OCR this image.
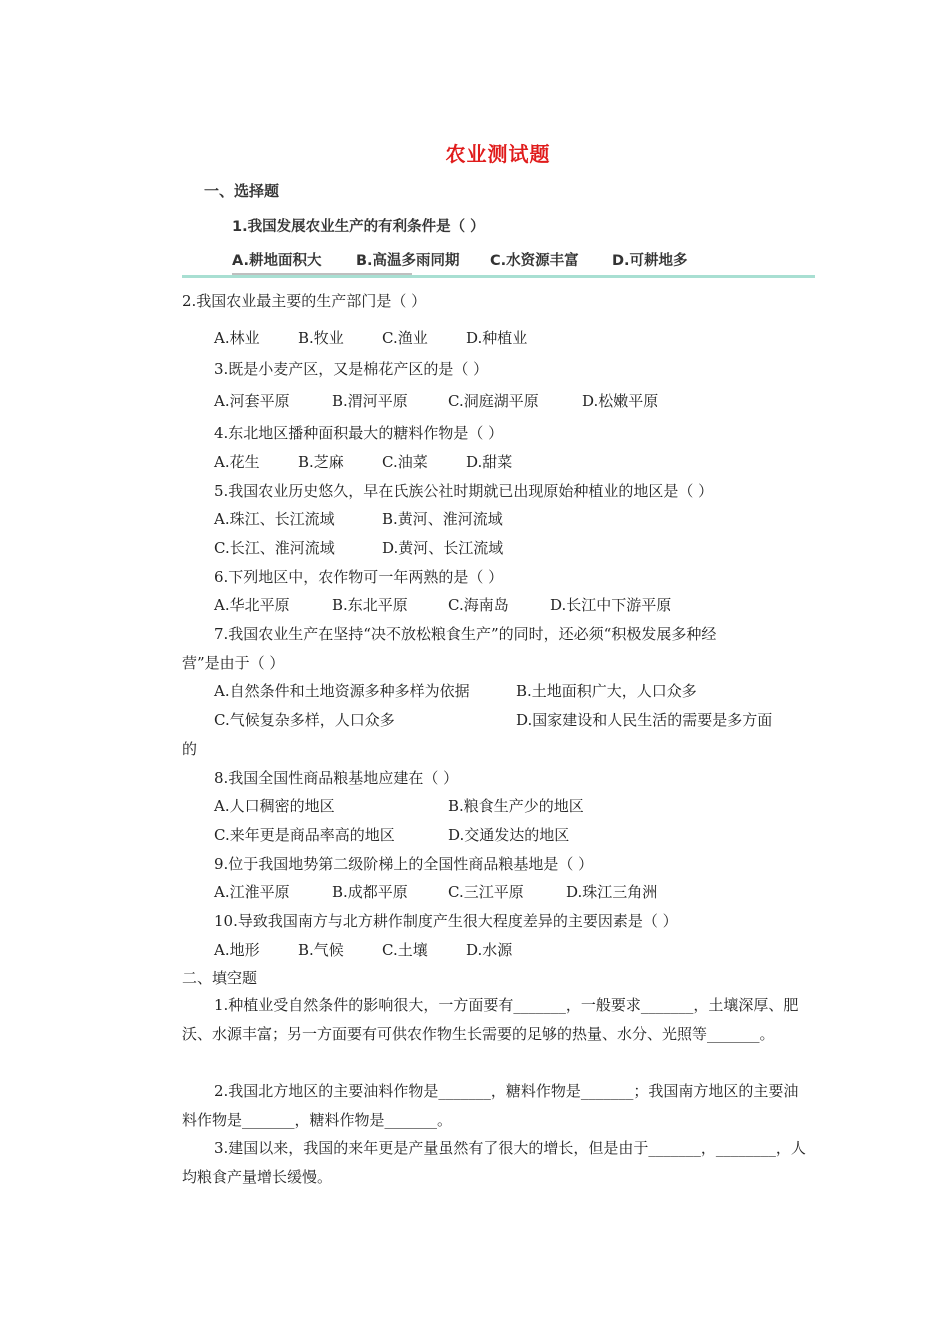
农业测试题
一、选择题
1.我国发展农业生产的有利条件是（ ）
A.耕地面积大 B.高温多雨同期 C.水资源丰富 D.可耕地多
2.我国农业最主要的生产部门是（ ）
A.林业	B.牧业	C.渔业	D.种植业
3.既是小麦产区，又是棉花产区的是（ ）
A.河套平原	B.渭河平原	C.洞庭湖平原	D.松嫩平原
4.东北地区播种面积最大的糖料作物是（ ）
A.花生	B.芝麻	C.油菜	D.甜菜
5.我国农业历史悠久，早在氏族公社时期就已出现原始种植业的地区是（ ）
A.珠江、长江流域	B.黄河、淮河流域
C.长江、淮河流域	D.黄河、长江流域
6.下列地区中，农作物可一年两熟的是（ ）
A.华北平原	B.东北平原	C.海南岛	D.长江中下游平原
7.我国农业生产在坚持“决不放松粮食生产”的同时，还必须“积极发展多种经
营”是由于（ ）
A.自然条件和土地资源多种多样为依据	B.土地面积广大，人口众多
C.气候复杂多样，人口众多	D.国家建设和人民生活的需要是多方面
的
8.我国全国性商品粮基地应建在（ ）
A.人口稠密的地区	B.粮食生产少的地区
C.来年更是商品率高的地区	D.交通发达的地区
9.位于我国地势第二级阶梯上的全国性商品粮基地是（ ）
A.江淮平原	B.成都平原	C.三江平原	D.珠江三角洲
10.导致我国南方与北方耕作制度产生很大程度差异的主要因素是（ ）
A.地形	B.气候	C.土壤	D.水源
二、填空题
1.种植业受自然条件的影响很大，一方面要有_______，一般要求_______，土壤深厚、肥沃、水源丰富；另一方面要有可供农作物生长需要的足够的热量、水分、光照等_______。
2.我国北方地区的主要油料作物是_______，糖料作物是_______；我国南方地区的主要油料作物是_______，糖料作物是_______。
3.建国以来，我国的来年更是产量虽然有了很大的增长，但是由于_______，________，人均粮食产量增长缓慢。
